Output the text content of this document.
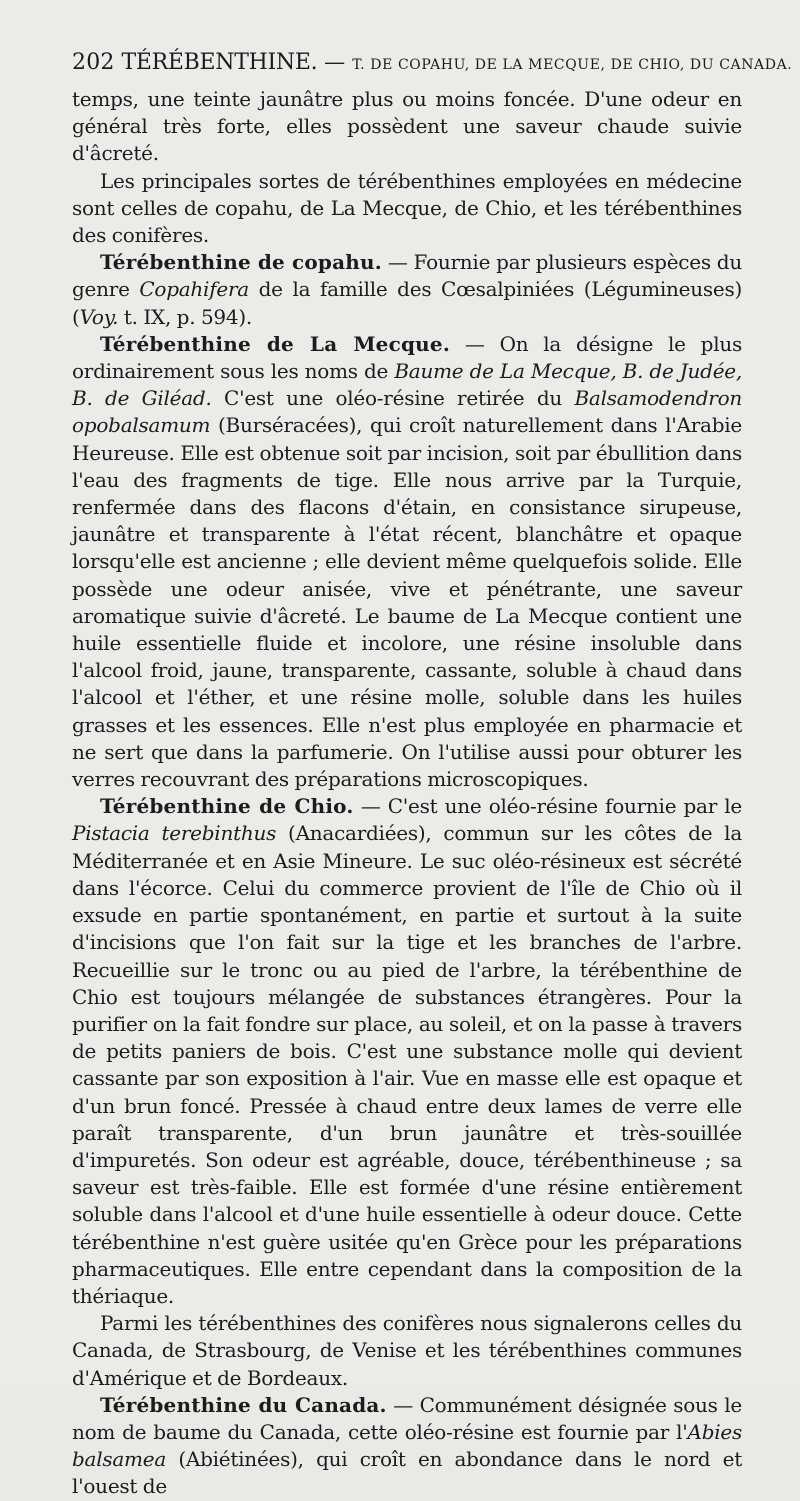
202 TÉRÉBENTHINE. — T. DE COPAHU, DE LA MECQUE, DE CHIO, DU CANADA.

temps, une teinte jaunâtre plus ou moins foncée. D'une odeur en général très forte, elles possèdent une saveur chaude suivie d'âcreté.

Les principales sortes de térébenthines employées en médecine sont celles de copahu, de La Mecque, de Chio, et les térébenthines des conifères.

Térébenthine de copahu. — Fournie par plusieurs espèces du genre Copahifera de la famille des Cœsalpiniées (Légumineuses) (Voy. t. IX, p. 594).

Térébenthine de La Mecque. — On la désigne le plus ordinairement sous les noms de Baume de La Mecque, B. de Judée, B. de Giléad. C'est une oléo-résine retirée du Balsamodendron opobalsamum (Burséracées), qui croît naturellement dans l'Arabie Heureuse. Elle est obtenue soit par incision, soit par ébullition dans l'eau des fragments de tige. Elle nous arrive par la Turquie, renfermée dans des flacons d'étain, en consistance sirupeuse, jaunâtre et transparente à l'état récent, blanchâtre et opaque lorsqu'elle est ancienne ; elle devient même quelquefois solide. Elle possède une odeur anisée, vive et pénétrante, une saveur aromatique suivie d'âcreté. Le baume de La Mecque contient une huile essentielle fluide et incolore, une résine insoluble dans l'alcool froid, jaune, transparente, cassante, soluble à chaud dans l'alcool et l'éther, et une résine molle, soluble dans les huiles grasses et les essences. Elle n'est plus employée en pharmacie et ne sert que dans la parfumerie. On l'utilise aussi pour obturer les verres recouvrant des préparations microscopiques.

Térébenthine de Chio. — C'est une oléo-résine fournie par le Pistacia terebinthus (Anacardiées), commun sur les côtes de la Méditerranée et en Asie Mineure. Le suc oléo-résineux est sécrété dans l'écorce. Celui du commerce provient de l'île de Chio où il exsude en partie spontanément, en partie et surtout à la suite d'incisions que l'on fait sur la tige et les branches de l'arbre. Recueillie sur le tronc ou au pied de l'arbre, la térébenthine de Chio est toujours mélangée de substances étrangères. Pour la purifier on la fait fondre sur place, au soleil, et on la passe à travers de petits paniers de bois. C'est une substance molle qui devient cassante par son exposition à l'air. Vue en masse elle est opaque et d'un brun foncé. Pressée à chaud entre deux lames de verre elle paraît transparente, d'un brun jaunâtre et très-souillée d'impuretés. Son odeur est agréable, douce, térébenthineuse ; sa saveur est très-faible. Elle est formée d'une résine entièrement soluble dans l'alcool et d'une huile essentielle à odeur douce. Cette térébenthine n'est guère usitée qu'en Grèce pour les préparations pharmaceutiques. Elle entre cependant dans la composition de la thériaque.

Parmi les térébenthines des conifères nous signalerons celles du Canada, de Strasbourg, de Venise et les térébenthines communes d'Amérique et de Bordeaux.

Térébenthine du Canada. — Communément désignée sous le nom de baume du Canada, cette oléo-résine est fournie par l'Abies balsamea (Abiétinées), qui croît en abondance dans le nord et l'ouest de
